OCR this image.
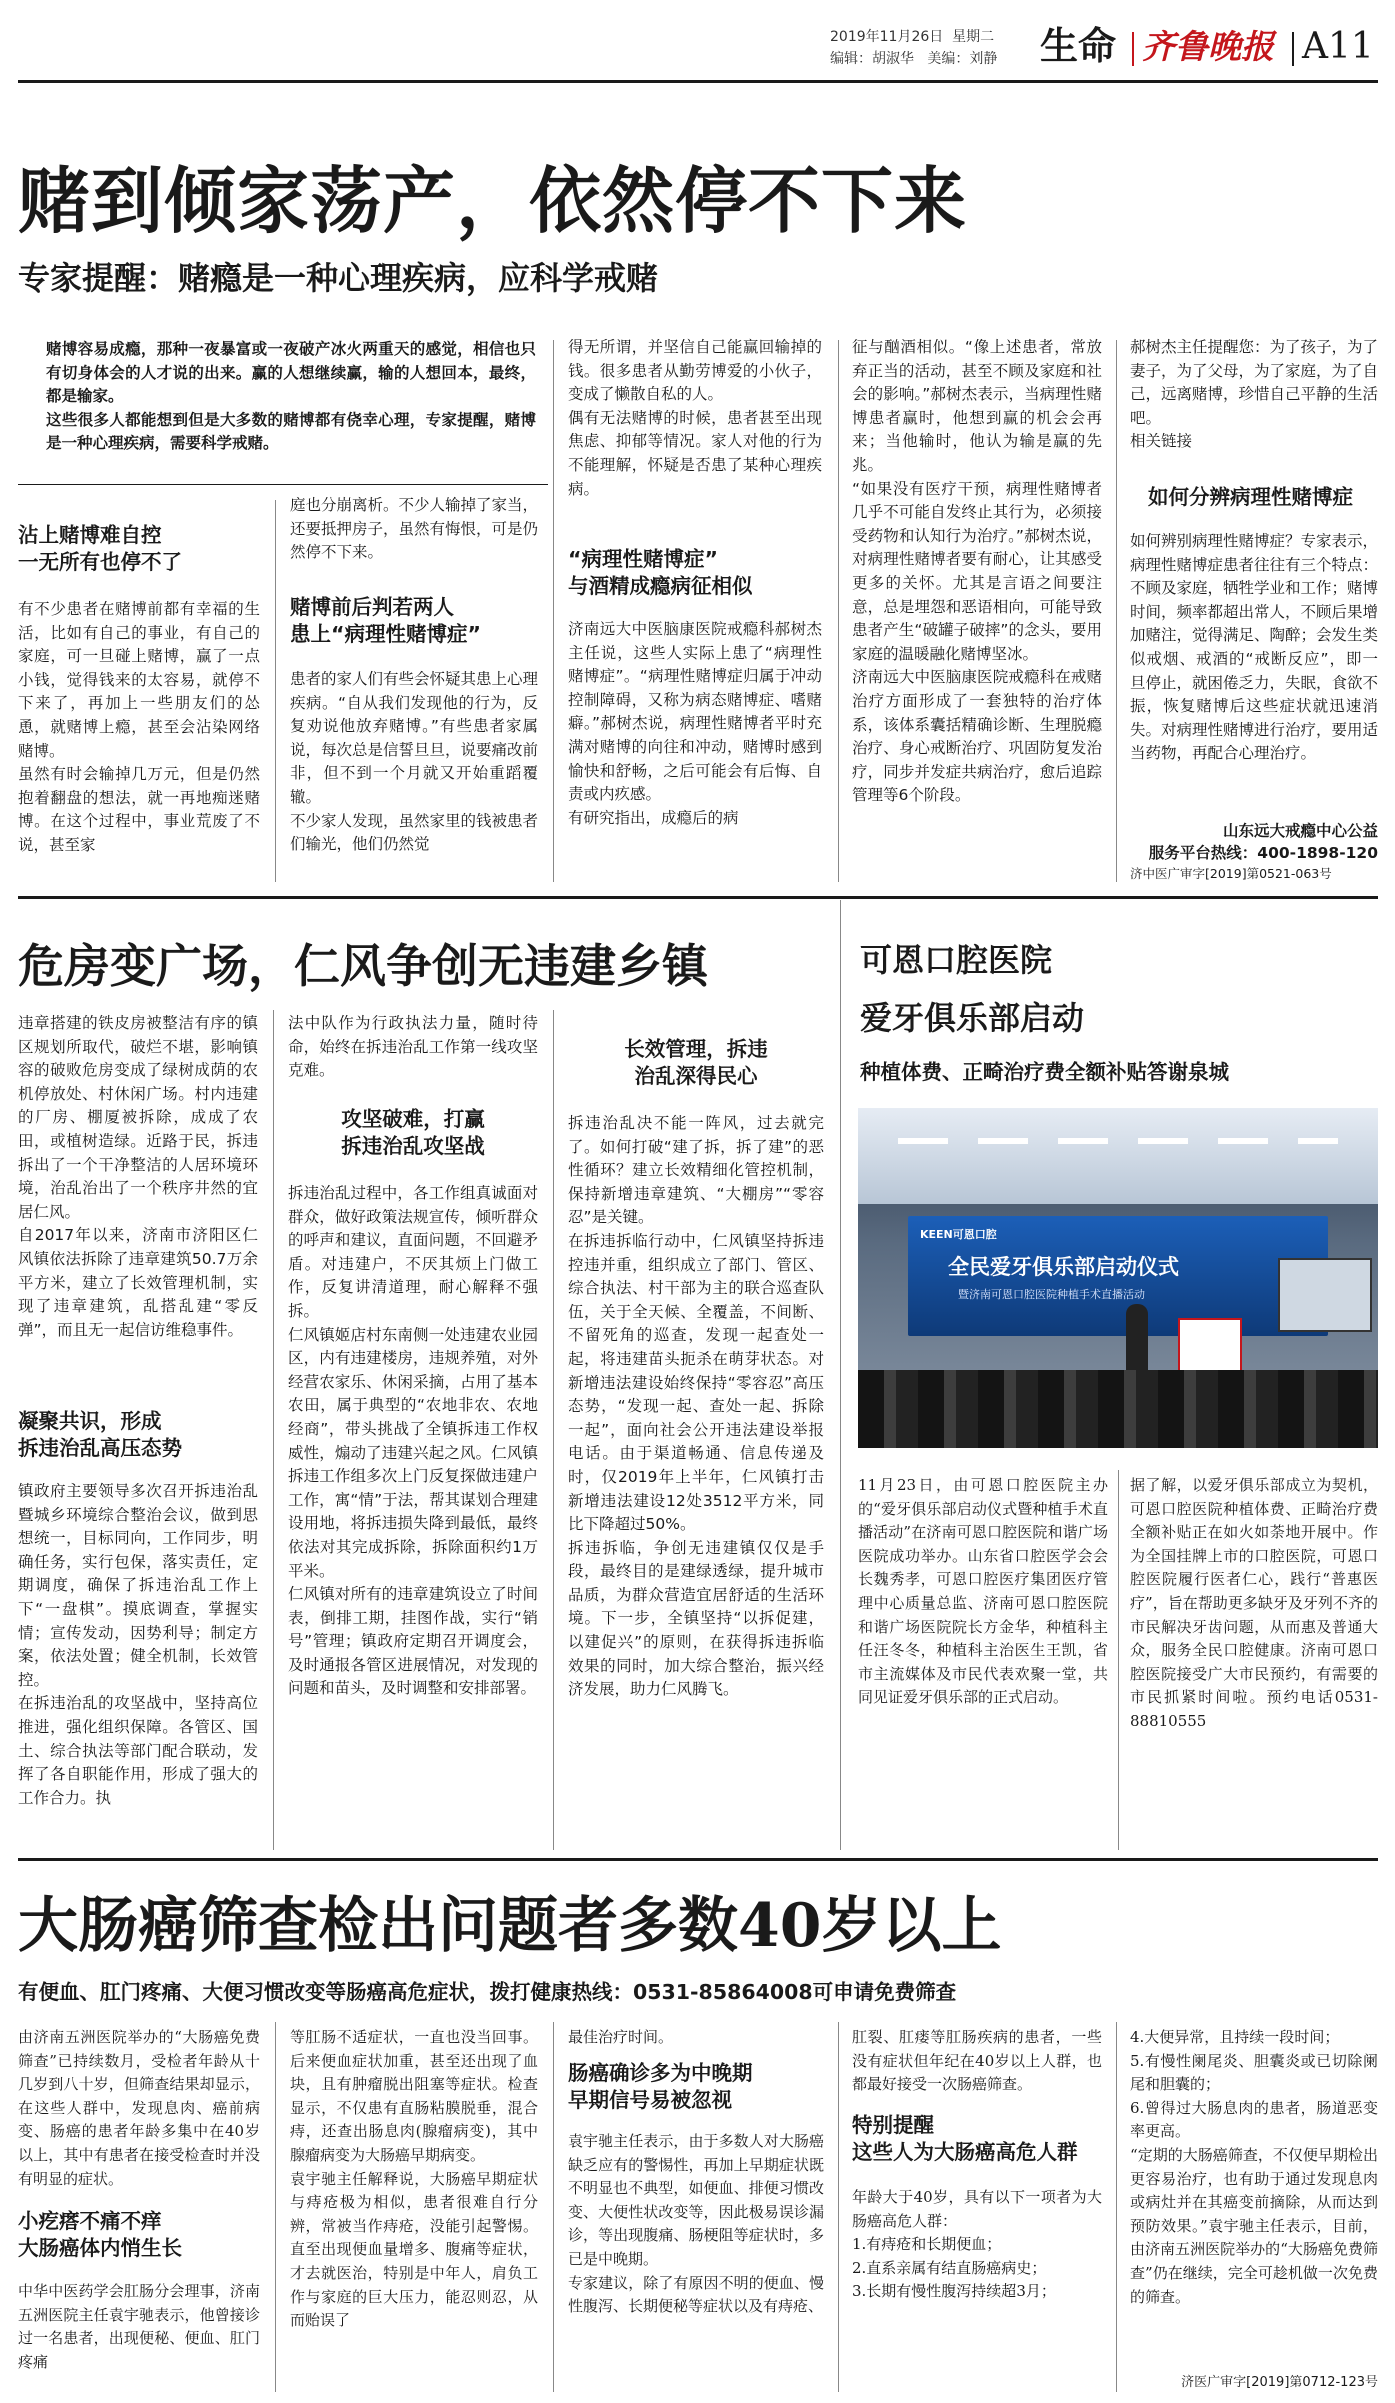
2019年11月26日  星期二
编辑：胡淑华   美编：刘静 生命 齐鲁晚报 A11
赌到倾家荡产，依然停不下来
专家提醒：赌瘾是一种心理疾病，应科学戒赌
赌博容易成瘾，那种一夜暴富或一夜破产冰火两重天的感觉，相信也只有切身体会的人才说的出来。赢的人想继续赢，输的人想回本，最终，都是输家。
这些很多人都能想到但是大多数的赌博都有侥幸心理，专家提醒，赌博是一种心理疾病，需要科学戒赌。
沾上赌博难自控
一无所有也停不了
有不少患者在赌博前都有幸福的生活，比如有自己的事业，有自己的家庭，可一旦碰上赌博，赢了一点小钱，觉得钱来的太容易，就停不下来了，再加上一些朋友们的怂恿，就赌博上瘾，甚至会沾染网络赌博。
虽然有时会输掉几万元，但是仍然抱着翻盘的想法，就一再地痴迷赌博。在这个过程中，事业荒废了不说，甚至家
庭也分崩离析。不少人输掉了家当，还要抵押房子，虽然有悔恨，可是仍然停不下来。
赌博前后判若两人
患上“病理性赌博症”
患者的家人们有些会怀疑其患上心理疾病。“自从我们发现他的行为，反复劝说他放弃赌博。”有些患者家属说，每次总是信誓旦旦，说要痛改前非，但不到一个月就又开始重蹈覆辙。
不少家人发现，虽然家里的钱被患者们输光，他们仍然觉
得无所谓，并坚信自己能赢回输掉的钱。很多患者从勤劳博爱的小伙子，变成了懒散自私的人。
偶有无法赌博的时候，患者甚至出现焦虑、抑郁等情况。家人对他的行为不能理解，怀疑是否患了某种心理疾病。
“病理性赌博症”
与酒精成瘾病征相似
济南远大中医脑康医院戒瘾科郝树杰主任说，这些人实际上患了“病理性赌博症”。“病理性赌博症归属于冲动控制障碍，又称为病态赌博症、嗜赌癖。”郝树杰说，病理性赌博者平时充满对赌博的向往和冲动，赌博时感到愉快和舒畅，之后可能会有后悔、自责或内疚感。
有研究指出，成瘾后的病
征与酗酒相似。“像上述患者，常放弃正当的活动，甚至不顾及家庭和社会的影响。”郝树杰表示，当病理性赌博患者赢时，他想到赢的机会会再来；当他输时，他认为输是赢的先兆。
“如果没有医疗干预，病理性赌博者几乎不可能自发终止其行为，必须接受药物和认知行为治疗。”郝树杰说，对病理性赌博者要有耐心，让其感受更多的关怀。尤其是言语之间要注意，总是埋怨和恶语相向，可能导致患者产生“破罐子破摔”的念头，要用家庭的温暖融化赌博坚冰。
济南远大中医脑康医院戒瘾科在戒赌治疗方面形成了一套独特的治疗体系，该体系囊括精确诊断、生理脱瘾治疗、身心戒断治疗、巩固防复发治疗，同步并发症共病治疗，愈后追踪管理等6个阶段。
郝树杰主任提醒您：为了孩子，为了妻子，为了父母，为了家庭，为了自己，远离赌博，珍惜自己平静的生活吧。
相关链接
如何分辨病理性赌博症
如何辨别病理性赌博症？专家表示，病理性赌博症患者往往有三个特点：不顾及家庭，牺牲学业和工作；赌博时间，频率都超出常人，不顾后果增加赌注，觉得满足、陶醉；会发生类似戒烟、戒酒的“戒断反应”，即一旦停止，就困倦乏力，失眠，食欲不振，恢复赌博后这些症状就迅速消失。对病理性赌博进行治疗，要用适当药物，再配合心理治疗。
山东远大戒瘾中心公益
服务平台热线：400-1898-120
济中医广审字[2019]第0521-063号
危房变广场，仁风争创无违建乡镇
违章搭建的铁皮房被整洁有序的镇区规划所取代，破烂不堪，影响镇容的破败危房变成了绿树成荫的农机停放处、村休闲广场。村内违建的厂房、棚厦被拆除，成成了农田，或植树造绿。近路于民，拆违拆出了一个干净整洁的人居环境环境，治乱治出了一个秩序井然的宜居仁风。
自2017年以来，济南市济阳区仁风镇依法拆除了违章建筑50.7万余平方米，建立了长效管理机制，实现了违章建筑，乱搭乱建“零反弹”，而且无一起信访维稳事件。
凝聚共识，形成
拆违治乱高压态势
镇政府主要领导多次召开拆违治乱暨城乡环境综合整治会议，做到思想统一，目标同向，工作同步，明确任务，实行包保，落实责任，定期调度，确保了拆违治乱工作上下“一盘棋”。摸底调查，掌握实情；宣传发动，因势利导；制定方案，依法处置；健全机制，长效管控。
在拆违治乱的攻坚战中，坚持高位推进，强化组织保障。各管区、国土、综合执法等部门配合联动，发挥了各自职能作用，形成了强大的工作合力。执
法中队作为行政执法力量，随时待命，始终在拆违治乱工作第一线攻坚克难。
攻坚破难，打赢
拆违治乱攻坚战
拆违治乱过程中，各工作组真诚面对群众，做好政策法规宣传，倾听群众的呼声和建议，直面问题，不回避矛盾。对违建户，不厌其烦上门做工作，反复讲清道理，耐心解释不强拆。
仁风镇姬店村东南侧一处违建农业园区，内有违建楼房，违规养殖，对外经营农家乐、休闲采摘，占用了基本农田，属于典型的“农地非农、农地经商”，带头挑战了全镇拆违工作权威性，煽动了违建兴起之风。仁风镇拆违工作组多次上门反复探做违建户工作，寓“情”于法，帮其谋划合理建设用地，将拆违损失降到最低，最终依法对其完成拆除，拆除面积约1万平米。
仁风镇对所有的违章建筑设立了时间表，倒排工期，挂图作战，实行“销号”管理；镇政府定期召开调度会，及时通报各管区进展情况，对发现的问题和苗头，及时调整和安排部署。
长效管理，拆违
治乱深得民心
拆违治乱决不能一阵风，过去就完了。如何打破“建了拆，拆了建”的恶性循环？建立长效精细化管控机制，保持新增违章建筑、“大棚房”“零容忍”是关键。
在拆违拆临行动中，仁风镇坚持拆违控违并重，组织成立了部门、管区、综合执法、村干部为主的联合巡查队伍，关于全天候、全覆盖，不间断、不留死角的巡查，发现一起查处一起，将违建苗头扼杀在萌芽状态。对新增违法建设始终保持“零容忍”高压态势，“发现一起、查处一起、拆除一起”，面向社会公开违法建设举报电话。由于渠道畅通、信息传递及时，仅2019年上半年，仁风镇打击新增违法建设12处3512平方米，同比下降超过50%。
拆违拆临，争创无违建镇仅仅是手段，最终目的是建绿透绿，提升城市品质，为群众营造宜居舒适的生活环境。下一步，全镇坚持“以拆促建，以建促兴”的原则，在获得拆违拆临效果的同时，加大综合整治，振兴经济发展，助力仁风腾飞。
可恩口腔医院
爱牙俱乐部启动
种植体费、正畸治疗费全额补贴答谢泉城
KEEN可恩口腔
全民爱牙俱乐部启动仪式
暨济南可恩口腔医院种植手术直播活动
11月23日，由可恩口腔医院主办的“爱牙俱乐部启动仪式暨种植手术直播活动”在济南可恩口腔医院和谐广场医院成功举办。山东省口腔医学会会长魏秀孝，可恩口腔医疗集团医疗管理中心质量总监、济南可恩口腔医院和谐广场医院院长方金华，种植科主任汪冬冬，种植科主治医生王凯，省市主流媒体及市民代表欢聚一堂，共同见证爱牙俱乐部的正式启动。
据了解，以爱牙俱乐部成立为契机，可恩口腔医院种植体费、正畸治疗费全额补贴正在如火如荼地开展中。作为全国挂牌上市的口腔医院，可恩口腔医院履行医者仁心，践行“普惠医疗”，旨在帮助更多缺牙及牙列不齐的市民解决牙齿问题，从而惠及普通大众，服务全民口腔健康。济南可恩口腔医院接受广大市民预约，有需要的市民抓紧时间啦。预约电话0531-88810555
大肠癌筛查检出问题者多数40岁以上
有便血、肛门疼痛、大便习惯改变等肠癌高危症状，拨打健康热线：0531-85864008可申请免费筛查
由济南五洲医院举办的“大肠癌免费筛查”已持续数月，受检者年龄从十几岁到八十岁，但筛查结果却显示，在这些人群中，发现息肉、癌前病变、肠癌的患者年龄多集中在40岁以上，其中有患者在接受检查时并没有明显的症状。
小疙瘩不痛不痒
大肠癌体内悄生长
中华中医药学会肛肠分会理事，济南五洲医院主任袁宇驰表示，他曾接诊过一名患者，出现便秘、便血、肛门疼痛
等肛肠不适症状，一直也没当回事。后来便血症状加重，甚至还出现了血块，且有肿瘤脱出阻塞等症状。检查显示，不仅患有直肠粘膜脱垂，混合痔，还查出肠息肉(腺瘤病变)，其中腺瘤病变为大肠癌早期病变。
袁宇驰主任解释说，大肠癌早期症状与痔疮极为相似，患者很难自行分辨，常被当作痔疮，没能引起警惕。直至出现便血量增多、腹痛等症状，才去就医治，特别是中年人，肩负工作与家庭的巨大压力，能忍则忍，从而贻误了
最佳治疗时间。
肠癌确诊多为中晚期
早期信号易被忽视
袁宇驰主任表示，由于多数人对大肠癌缺乏应有的警惕性，再加上早期症状既不明显也不典型，如便血、排便习惯改变、大便性状改变等，因此极易误诊漏诊，等出现腹痛、肠梗阻等症状时，多已是中晚期。
专家建议，除了有原因不明的便血、慢性腹泻、长期便秘等症状以及有痔疮、
肛裂、肛瘘等肛肠疾病的患者，一些没有症状但年纪在40岁以上人群，也都最好接受一次肠癌筛查。
特别提醒
这些人为大肠癌高危人群
年龄大于40岁，具有以下一项者为大肠癌高危人群：
1.有痔疮和长期便血；
2.直系亲属有结直肠癌病史；
3.长期有慢性腹泻持续超3月；
4.大便异常，且持续一段时间；
5.有慢性阑尾炎、胆囊炎或已切除阑尾和胆囊的；
6.曾得过大肠息肉的患者，肠道恶变率更高。
“定期的大肠癌筛查，不仅便早期检出更容易治疗，也有助于通过发现息肉或病灶并在其癌变前摘除，从而达到预防效果。”袁宇驰主任表示，目前，由济南五洲医院举办的“大肠癌免费筛查”仍在继续，完全可趁机做一次免费的筛查。
济医广审字[2019]第0712-123号
